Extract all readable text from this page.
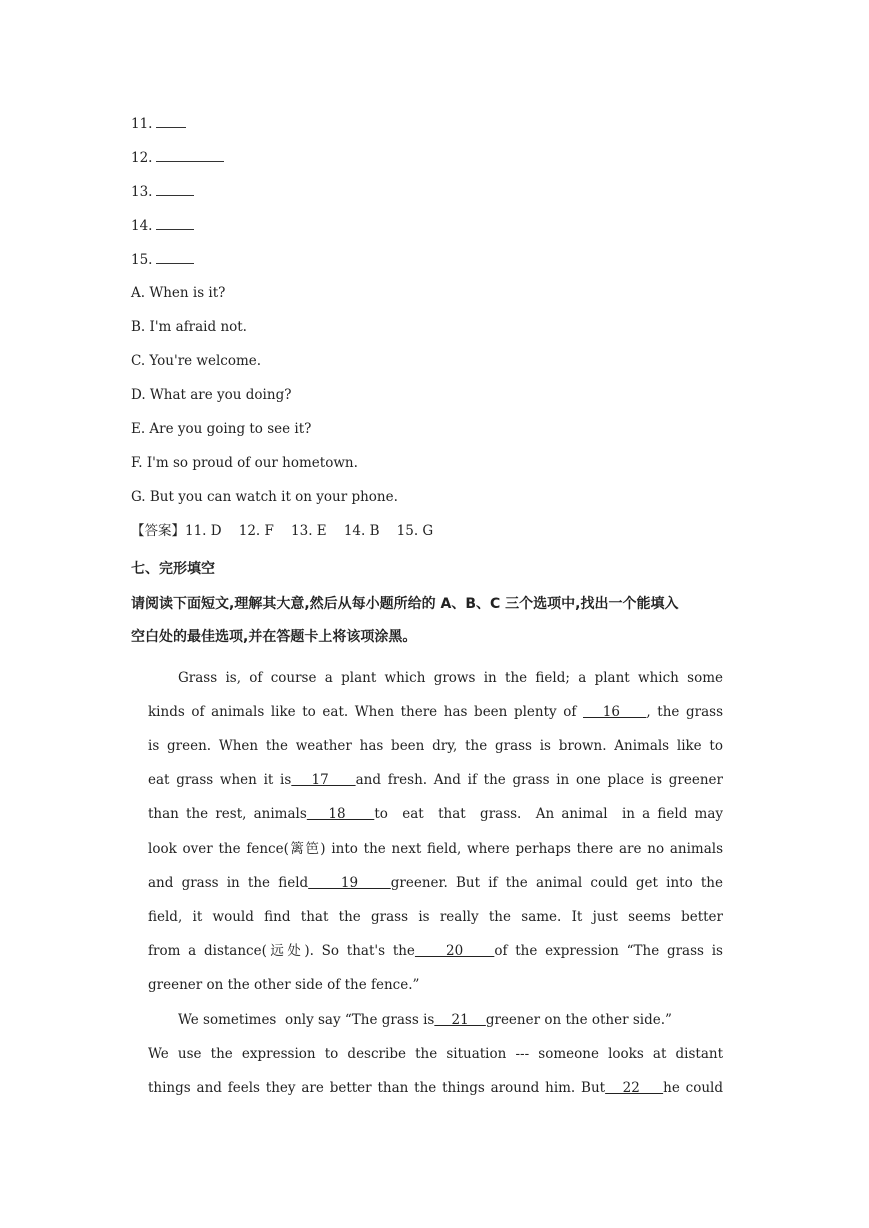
11.
12.
13.
14.
15.
A. When is it?
B. I'm afraid not.
C. You're welcome.
D. What are you doing?
E. Are you going to see it?
F. I'm so proud of our hometown.
G. But you can watch it on your phone.
【答案】11. D    12. F    13. E    14. B    15. G
七、完形填空
请阅读下面短文,理解其大意,然后从每小题所给的 A、B、C 三个选项中,找出一个能填入
空白处的最佳选项,并在答题卡上将该项涂黑。
Grass is, of course a plant which grows in the field; a plant which some
kinds of animals like to eat. When there has been plenty of    16    , the grass
is green. When the weather has been dry, the grass is brown. Animals like to
eat grass when it is   17    and fresh. And if the grass in one place is greener
than the rest, animals   18    to  eat  that  grass.  An animal  in a field may
look over the fence(篱笆) into the next field, where perhaps there are no animals
and grass in the field    19    greener. But if the animal could get into the
field, it would find that the grass is really the same. It just seems better
from a distance(远处). So that's the    20    of the expression “The grass is
greener on the other side of the fence.”
We sometimes  only say “The grass is    21    greener on the other side.”
We use the expression to describe the situation --- someone looks at distant
things and feels they are better than the things around him. But   22    he could
